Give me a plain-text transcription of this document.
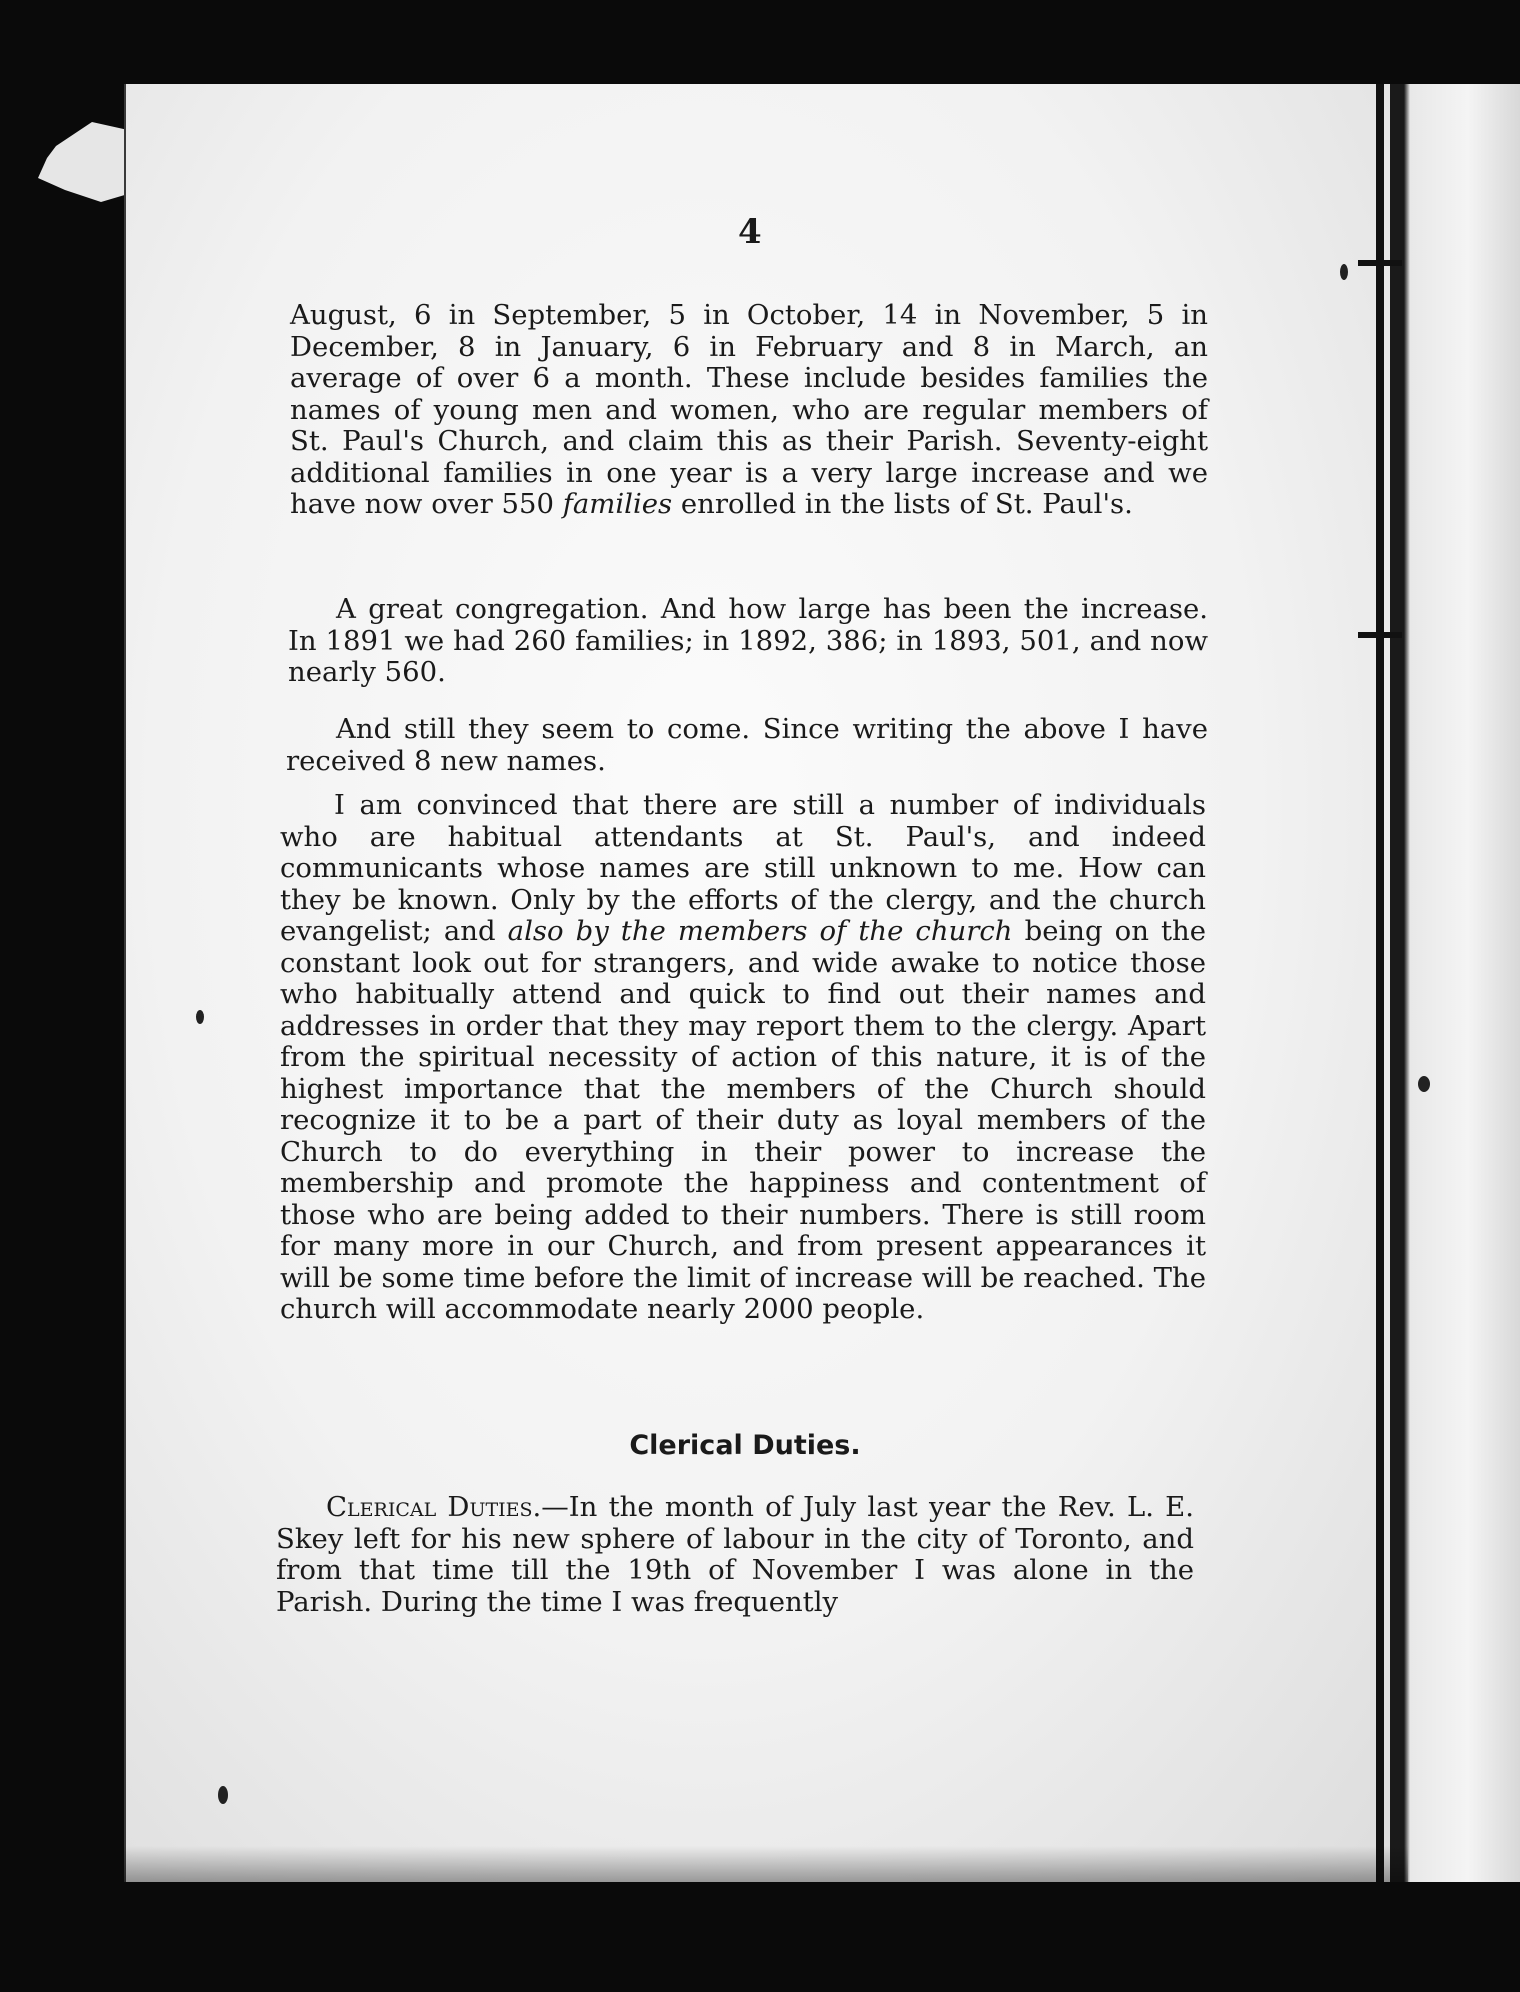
4

August, 6 in September, 5 in October, 14 in November, 5 in December, 8 in January, 6 in February and 8 in March, an average of over 6 a month. These include besides families the names of young men and women, who are regular members of St. Paul's Church, and claim this as their Parish. Seventy-eight additional families in one year is a very large increase and we have now over 550 families enrolled in the lists of St. Paul's.

A great congregation. And how large has been the increase. In 1891 we had 260 families; in 1892, 386; in 1893, 501, and now nearly 560.

And still they seem to come. Since writing the above I have received 8 new names.

I am convinced that there are still a number of individuals who are habitual attendants at St. Paul's, and indeed communicants whose names are still unknown to me. How can they be known. Only by the efforts of the clergy, and the church evangelist; and also by the members of the church being on the constant look out for strangers, and wide awake to notice those who habitually attend and quick to find out their names and addresses in order that they may report them to the clergy. Apart from the spiritual necessity of action of this nature, it is of the highest importance that the members of the Church should recognize it to be a part of their duty as loyal members of the Church to do everything in their power to increase the membership and promote the happiness and contentment of those who are being added to their numbers. There is still room for many more in our Church, and from present appearances it will be some time before the limit of increase will be reached. The church will accommodate nearly 2000 people.

Clerical Duties.

Clerical Duties.—In the month of July last year the Rev. L. E. Skey left for his new sphere of labour in the city of Toronto, and from that time till the 19th of November I was alone in the Parish. During the time I was frequently
